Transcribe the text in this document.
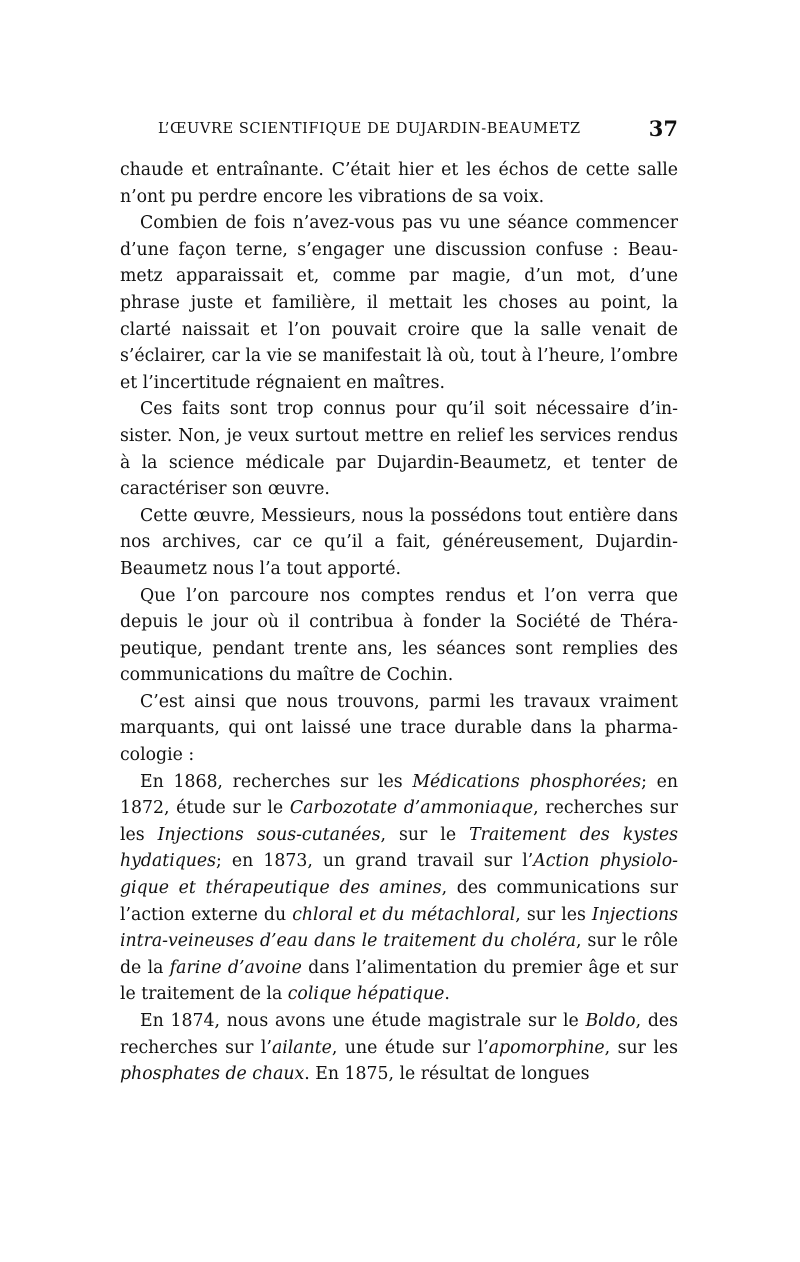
L’ŒUVRE SCIENTIFIQUE DE DUJARDIN-BEAUMETZ	37

chaude et entraînante. C’était hier et les échos de cette salle n’ont pu perdre encore les vibrations de sa voix.

Combien de fois n’avez-vous pas vu une séance commencer d’une façon terne, s’engager une discussion confuse : Beaumetz apparaissait et, comme par magie, d’un mot, d’une phrase juste et familière, il mettait les choses au point, la clarté naissait et l’on pouvait croire que la salle venait de s’éclairer, car la vie se manifestait là où, tout à l’heure, l’ombre et l’incertitude régnaient en maîtres.

Ces faits sont trop connus pour qu’il soit nécessaire d’insister. Non, je veux surtout mettre en relief les services rendus à la science médicale par Dujardin-Beaumetz, et tenter de caractériser son œuvre.

Cette œuvre, Messieurs, nous la possédons tout entière dans nos archives, car ce qu’il a fait, généreusement, Dujardin-Beaumetz nous l’a tout apporté.

Que l’on parcoure nos comptes rendus et l’on verra que depuis le jour où il contribua à fonder la Société de Thérapeutique, pendant trente ans, les séances sont remplies des communications du maître de Cochin.

C’est ainsi que nous trouvons, parmi les travaux vraiment marquants, qui ont laissé une trace durable dans la pharmacologie :

En 1868, recherches sur les Médications phosphorées; en 1872, étude sur le Carbozotate d’ammoniaque, recherches sur les Injections sous-cutanées, sur le Traitement des kystes hydatiques; en 1873, un grand travail sur l’Action physiologique et thérapeutique des amines, des communications sur l’action externe du chloral et du métachloral, sur les Injections intra-veineuses d’eau dans le traitement du choléra, sur le rôle de la farine d’avoine dans l’alimentation du premier âge et sur le traitement de la colique hépatique.

En 1874, nous avons une étude magistrale sur le Boldo, des recherches sur l’ailante, une étude sur l’apomorphine, sur les phosphates de chaux. En 1875, le résultat de longues
